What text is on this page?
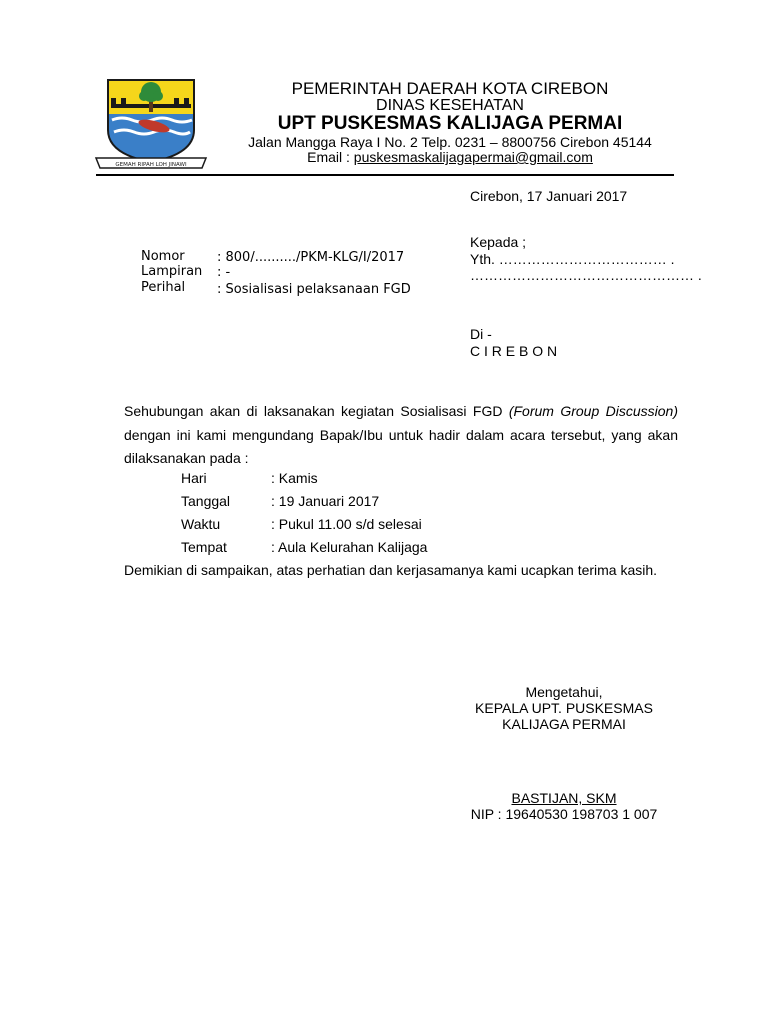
GEMAH RIPAH LOH JINAWI
PEMERINTAH DAERAH KOTA CIREBON
DINAS KESEHATAN
UPT PUSKESMAS KALIJAGA PERMAI
Jalan Mangga Raya I No. 2 Telp. 0231 – 8800756 Cirebon 45144
Email : puskesmaskalijagapermai@gmail.com
Cirebon, 17 Januari 2017
Nomor : 800/........../PKM-KLG/I/2017
Lampiran : -
Perihal : Sosialisasi pelaksanaan FGD
Kepada ;
Yth. ……………………………… .
………………………………………… .
Di -
C I R E B O N
Sehubungan akan di laksanakan kegiatan Sosialisasi FGD (Forum Group Discussion) dengan ini kami mengundang Bapak/Ibu untuk hadir dalam acara tersebut, yang akan dilaksanakan pada :
Hari	: Kamis
Tanggal	: 19 Januari 2017
Waktu	: Pukul 11.00 s/d selesai
Tempat	: Aula Kelurahan Kalijaga
Demikian di sampaikan, atas perhatian dan kerjasamanya kami ucapkan terima kasih.
Mengetahui,
KEPALA UPT. PUSKESMAS
KALIJAGA PERMAI
BASTIJAN, SKM
NIP : 19640530 198703 1 007
